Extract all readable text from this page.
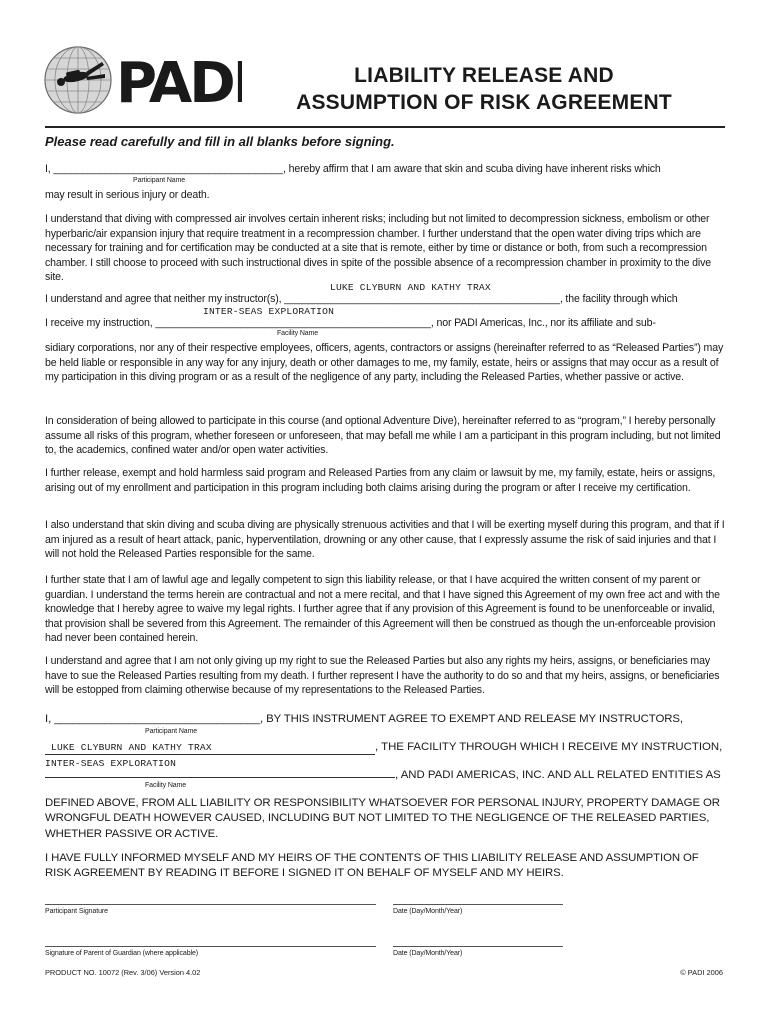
PADI	LIABILITY RELEASE AND
ASSUMPTION OF RISK AGREEMENT
Please read carefully and fill in all blanks before signing.
I, ________________________________________, hereby affirm that I am aware that skin and scuba diving have inherent risks which
Participant Name
may result in serious injury or death.

I understand that diving with compressed air involves certain inherent risks; including but not limited to decompression sickness, embolism or other hyperbaric/air expansion injury that require treatment in a recompression chamber. I further understand that the open water diving trips which are necessary for training and for certification may be conducted at a site that is remote, either by time or distance or both, from such a recompression chamber. I still choose to proceed with such instructional dives in spite of the possible absence of a recompression chamber in proximity to the dive site.

LUKE CLYBURN AND KATHY TRAX
I understand and agree that neither my instructor(s), ________________________________________________, the facility through which
INTER-SEAS EXPLORATION
I receive my instruction, ________________________________________________, nor PADI Americas, Inc., nor its affiliate and sub-
Facility Name

sidiary corporations, nor any of their respective employees, officers, agents, contractors or assigns (hereinafter referred to as “Released Parties”) may be held liable or responsible in any way for any injury, death or other damages to me, my family, estate, heirs or assigns that may occur as a result of my participation in this diving program or as a result of the negligence of any party, including the Released Parties, whether passive or active.

In consideration of being allowed to participate in this course (and optional Adventure Dive), hereinafter referred to as “program,” I hereby personally assume all risks of this program, whether foreseen or unforeseen, that may befall me while I am a participant in this program including, but not limited to, the academics, confined water and/or open water activities.

I further release, exempt and hold harmless said program and Released Parties from any claim or lawsuit by me, my family, estate, heirs or assigns, arising out of my enrollment and participation in this program including both claims arising during the program or after I receive my certification.

I also understand that skin diving and scuba diving are physically strenuous activities and that I will be exerting myself during this program, and that if I am injured as a result of heart attack, panic, hyperventilation, drowning or any other cause, that I expressly assume the risk of said injuries and that I will not hold the Released Parties responsible for the same.

I further state that I am of lawful age and legally competent to sign this liability release, or that I have acquired the written consent of my parent or guardian. I understand the terms herein are contractual and not a mere recital, and that I have signed this Agreement of my own free act and with the knowledge that I hereby agree to waive my legal rights. I further agree that if any provision of this Agreement is found to be unenforceable or invalid, that provision shall be severed from this Agreement. The remainder of this Agreement will then be construed as though the un-enforceable provision had never been contained herein.

I understand and agree that I am not only giving up my right to sue the Released Parties but also any rights my heirs, assigns, or beneficiaries may have to sue the Released Parties resulting from my death. I further represent I have the authority to do so and that my heirs, assigns, or beneficiaries will be estopped from claiming otherwise because of my representations to the Released Parties.

I, _________________________________, BY THIS INSTRUMENT AGREE TO EXEMPT AND RELEASE MY INSTRUCTORS,
Participant Name
LUKE CLYBURN AND KATHY TRAX	, THE FACILITY THROUGH WHICH I RECEIVE MY INSTRUCTION,
INTER-SEAS EXPLORATION
, AND PADI AMERICAS, INC. AND ALL RELATED ENTITIES AS
Facility Name

DEFINED ABOVE, FROM ALL LIABILITY OR RESPONSIBILITY WHATSOEVER FOR PERSONAL INJURY, PROPERTY DAMAGE OR WRONGFUL DEATH HOWEVER CAUSED, INCLUDING BUT NOT LIMITED TO THE NEGLIGENCE OF THE RELEASED PARTIES, WHETHER PASSIVE OR ACTIVE.

I HAVE FULLY INFORMED MYSELF AND MY HEIRS OF THE CONTENTS OF THIS LIABILITY RELEASE AND ASSUMPTION OF RISK AGREEMENT BY READING IT BEFORE I SIGNED IT ON BEHALF OF MYSELF AND MY HEIRS.

Participant Signature	Date (Day/Month/Year)
Signature of Parent of Guardian (where applicable)	Date (Day/Month/Year)
PRODUCT NO. 10072 (Rev. 3/06) Version 4.02	© PADI 2006
